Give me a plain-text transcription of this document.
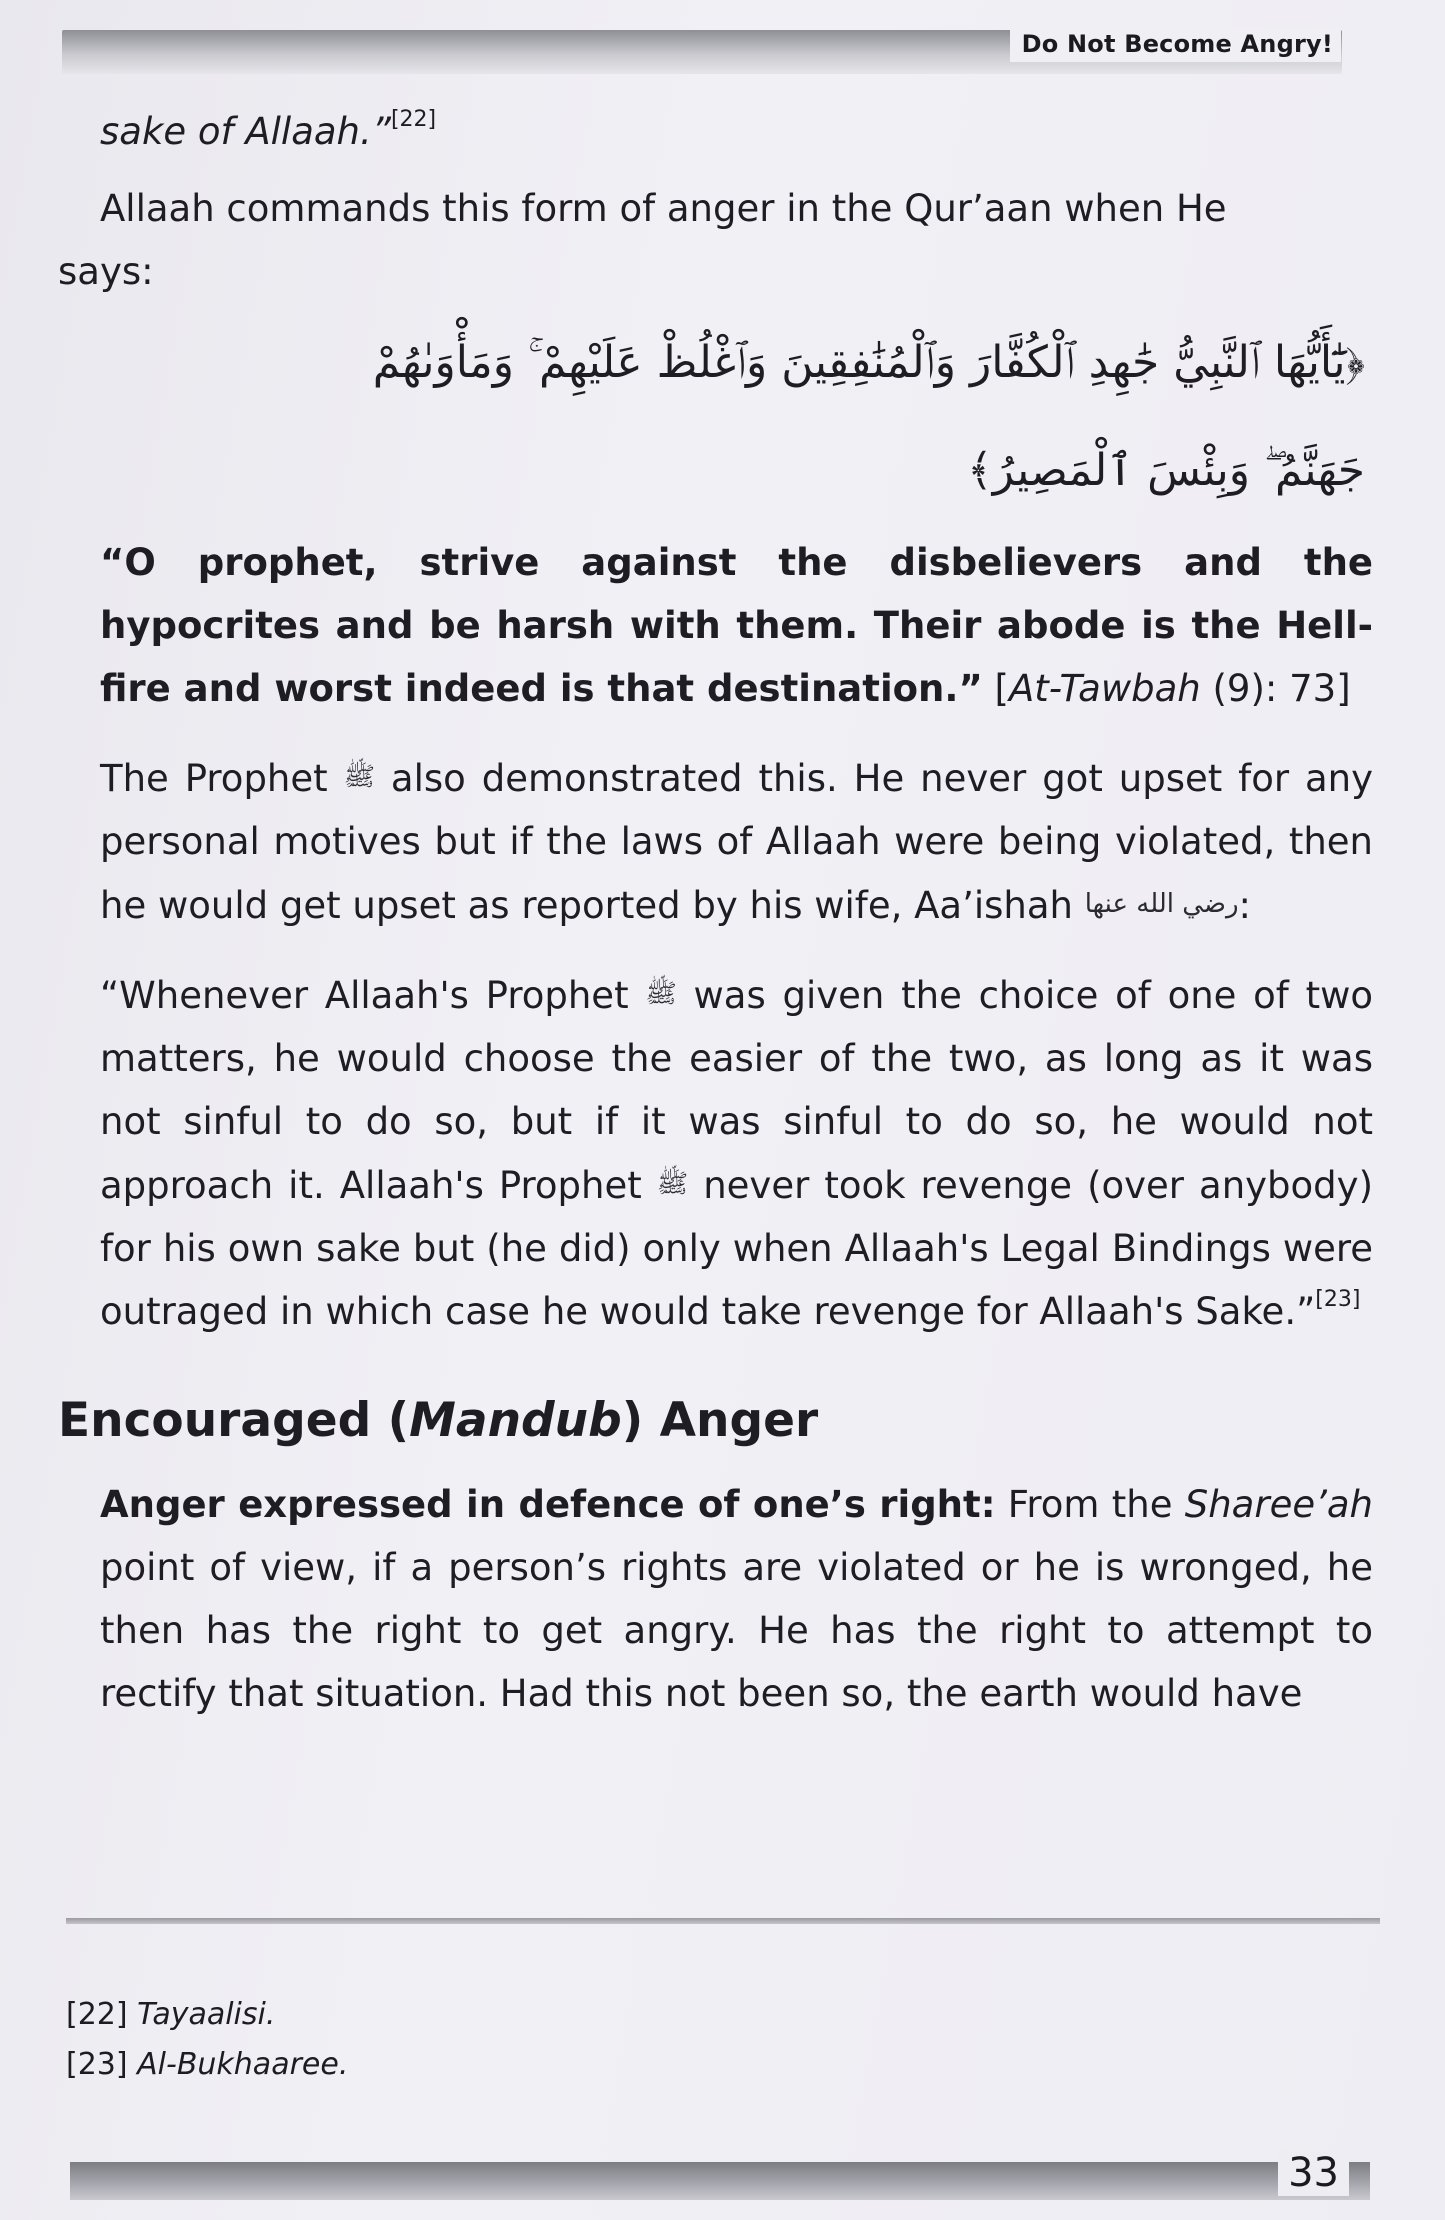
Do Not Become Angry!

sake of Allaah.”[22]

Allaah commands this form of anger in the Qur’aan when He

says:

﴿يَٰٓأَيُّهَا ٱلنَّبِيُّ جَٰهِدِ ٱلْكُفَّارَ وَٱلْمُنَٰفِقِينَ وَٱغْلُظْ عَلَيْهِمْ ۚ وَمَأْوَىٰهُمْ
جَهَنَّمُ ۖ وَبِئْسَ ٱلْمَصِيرُ﴾

“O prophet, strive against the disbelievers and the hypocrites and be harsh with them. Their abode is the Hell-fire and worst indeed is that destination.” [At-Tawbah (9): 73]

The Prophet ﷺ also demonstrated this. He never got upset for any personal motives but if the laws of Allaah were being violated, then he would get upset as reported by his wife, Aa’ishah رضي الله عنها:

“Whenever Allaah's Prophet ﷺ was given the choice of one of two matters, he would choose the easier of the two, as long as it was not sinful to do so, but if it was sinful to do so, he would not approach it. Allaah's Prophet ﷺ never took revenge (over anybody) for his own sake but (he did) only when Allaah's Legal Bindings were outraged in which case he would take revenge for Allaah's Sake.”[23]

Encouraged (Mandub) Anger

Anger expressed in defence of one’s right: From the Sharee’ah point of view, if a person’s rights are violated or he is wronged, he then has the right to get angry. He has the right to attempt to rectify that situation. Had this not been so, the earth would have

[22] Tayaalisi.
[23] Al-Bukhaaree.
33
